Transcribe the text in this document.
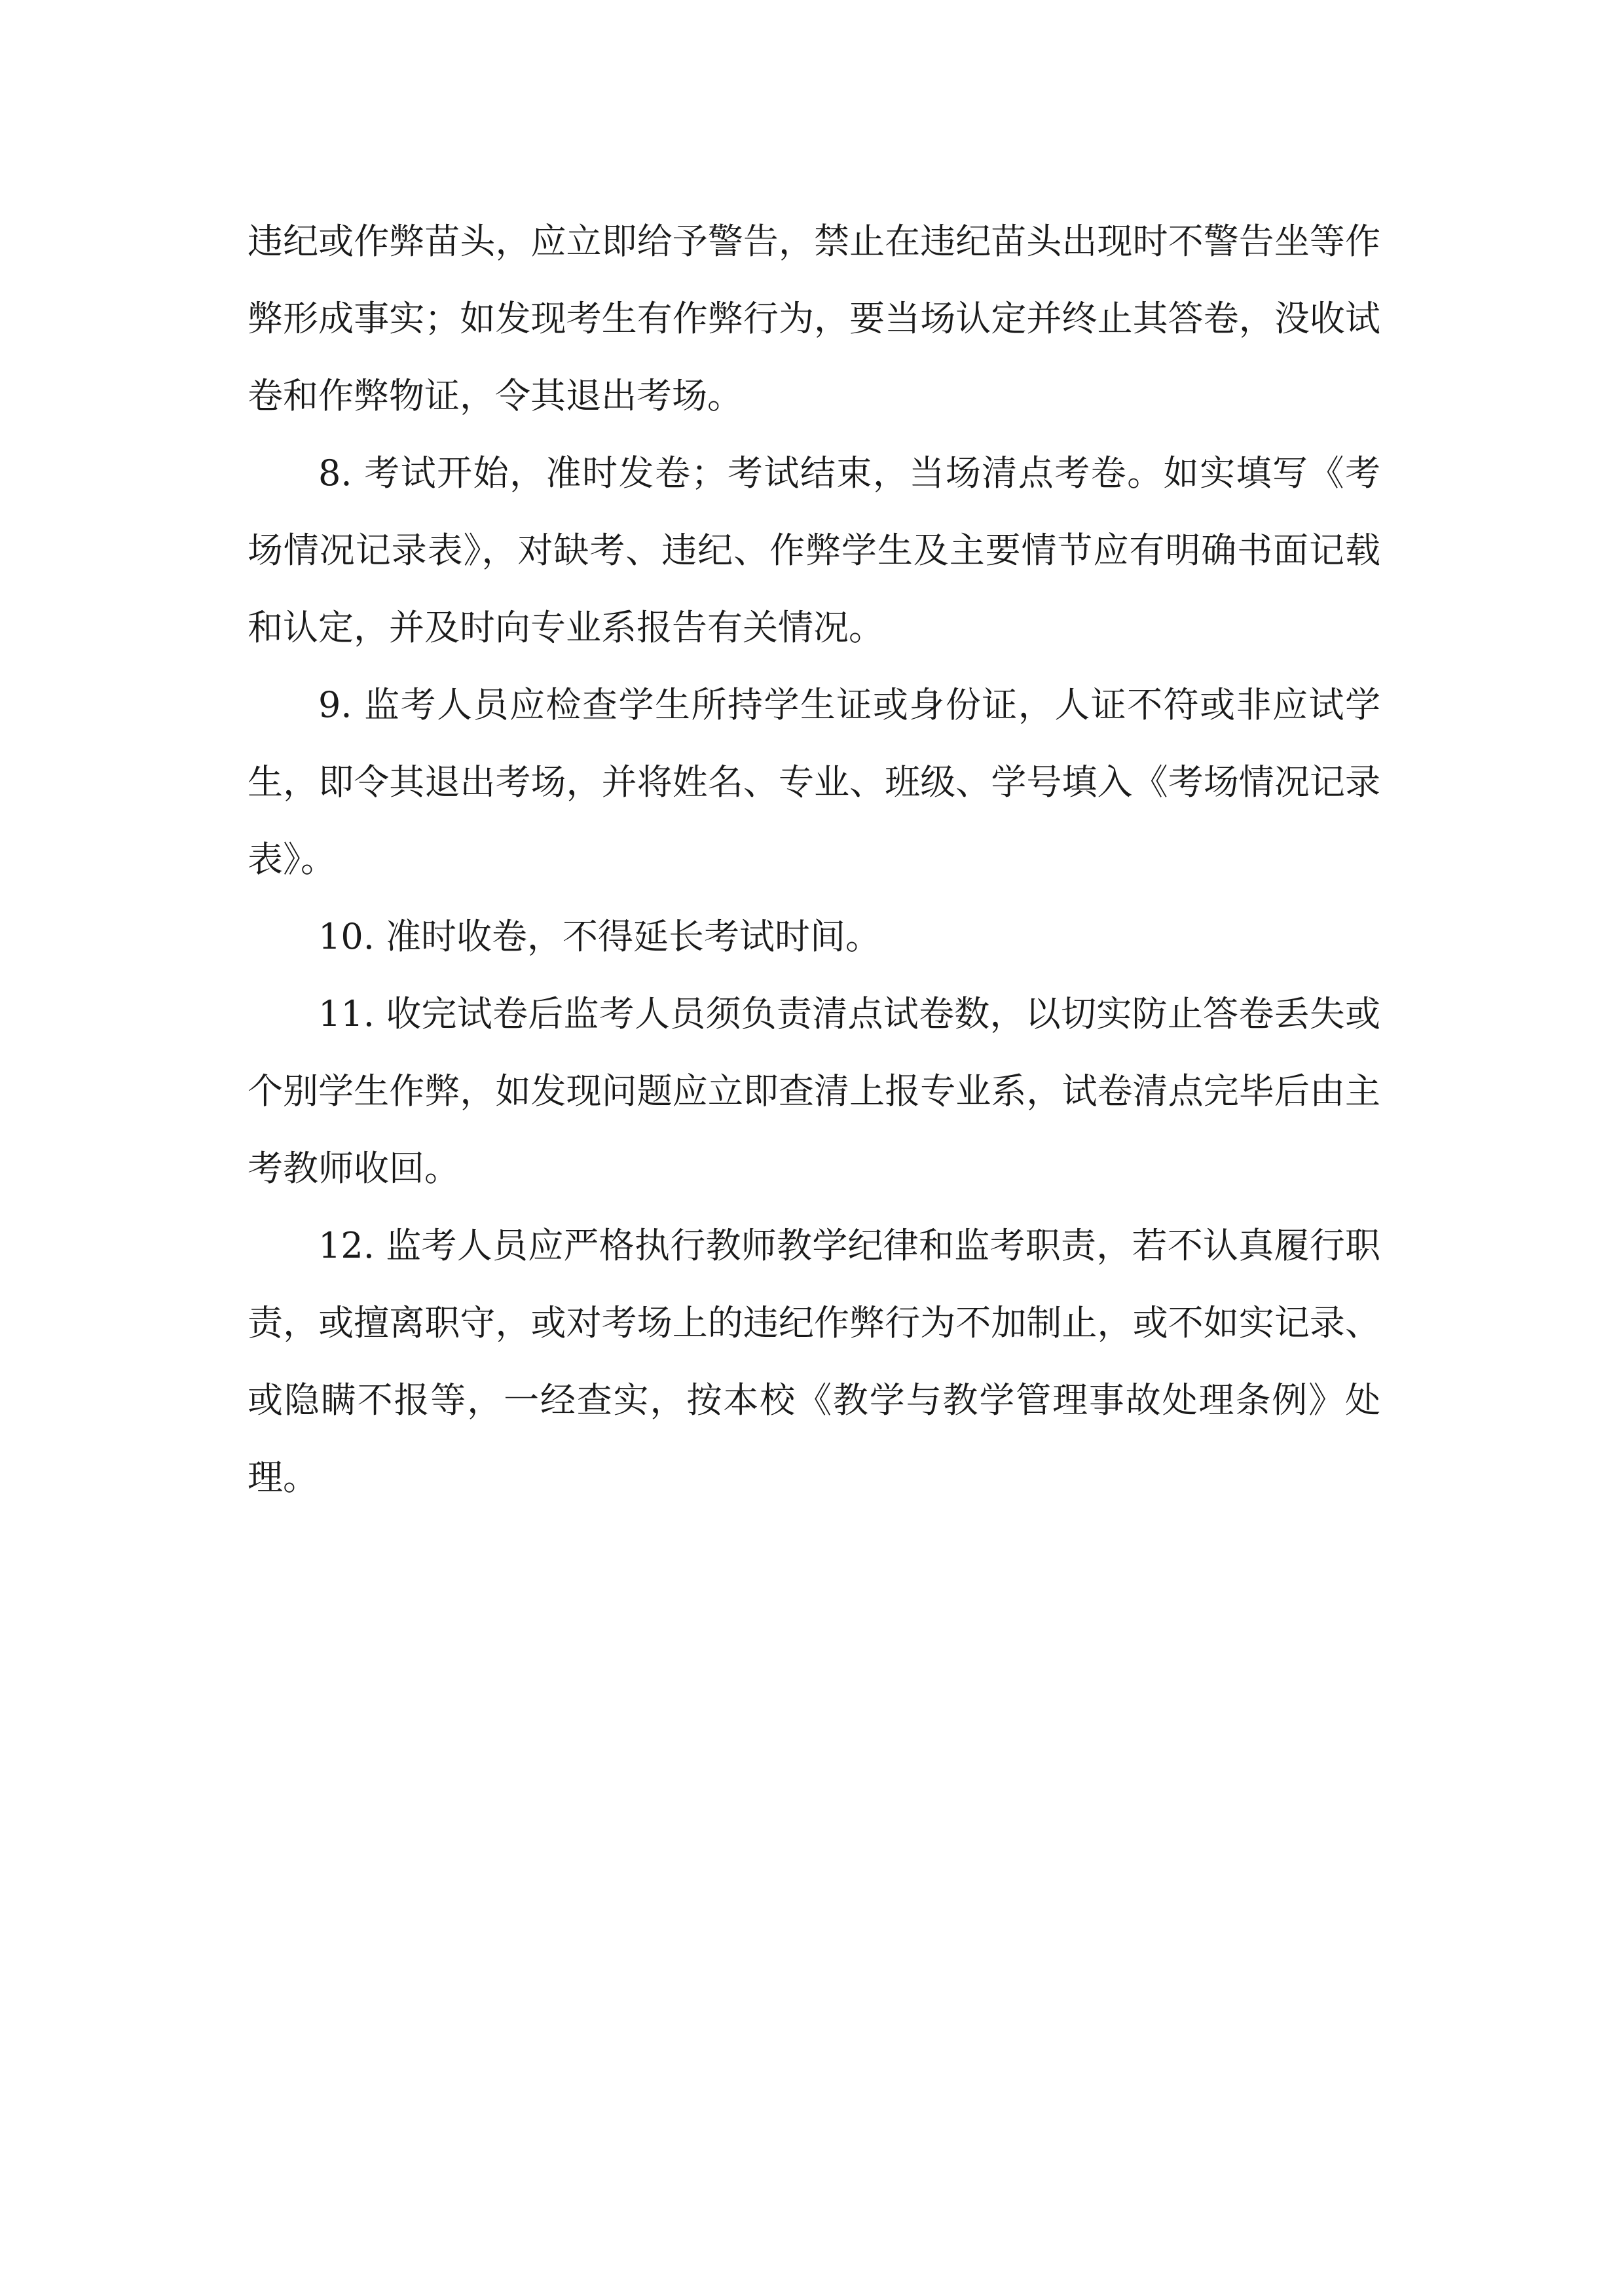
违纪或作弊苗头，应立即给予警告，禁止在违纪苗头出现时不警告坐等作弊形成事实；如发现考生有作弊行为，要当场认定并终止其答卷，没收试卷和作弊物证，令其退出考场。

8. 考试开始，准时发卷；考试结束，当场清点考卷。如实填写《考场情况记录表》，对缺考、违纪、作弊学生及主要情节应有明确书面记载和认定，并及时向专业系报告有关情况。

9. 监考人员应检查学生所持学生证或身份证，人证不符或非应试学生，即令其退出考场，并将姓名、专业、班级、学号填入《考场情况记录表》。

10. 准时收卷，不得延长考试时间。

11. 收完试卷后监考人员须负责清点试卷数，以切实防止答卷丢失或个别学生作弊，如发现问题应立即查清上报专业系，试卷清点完毕后由主考教师收回。

12. 监考人员应严格执行教师教学纪律和监考职责，若不认真履行职责，或擅离职守，或对考场上的违纪作弊行为不加制止，或不如实记录、或隐瞒不报等，一经查实，按本校《教学与教学管理事故处理条例》处理。
